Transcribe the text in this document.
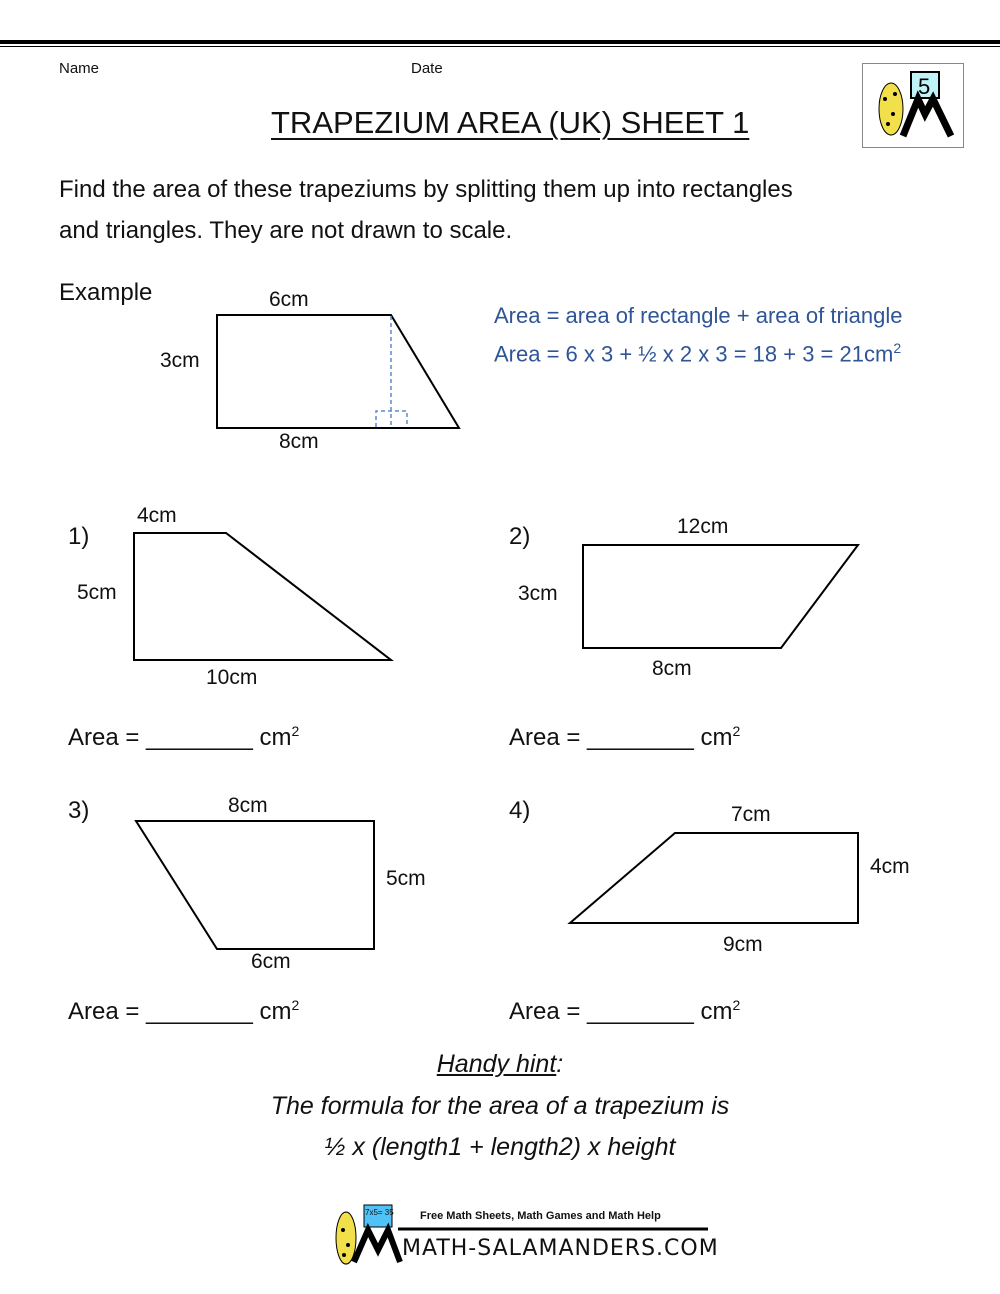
Name	Date
TRAPEZIUM AREA (UK) SHEET 1
5
Find the area of these trapeziums by splitting them up into rectangles
and triangles. They are not drawn to scale.
Example	6cm
3cm
8cm
Area = area of rectangle + area of triangle
Area = 6 x 3 + ½ x 2 x $3 = 18 + 3 = 21cm^2$
1)
4cm
5cm
10cm
Area = ________ $cm^2$
2)	12cm
3cm
8cm
Area = ________ $cm^2$
3)	8cm
5cm
6cm
Area = ________ $cm^2$
4)	7cm
4cm
9cm
Area = ________ $cm^2$
Handy hint:
The formula for the area of a trapezium is
½ x (length1 + length2) x height
7x5= 35 Free Math Sheets, Math Games and Math Help
MATH-SALAMANDERS.COM
